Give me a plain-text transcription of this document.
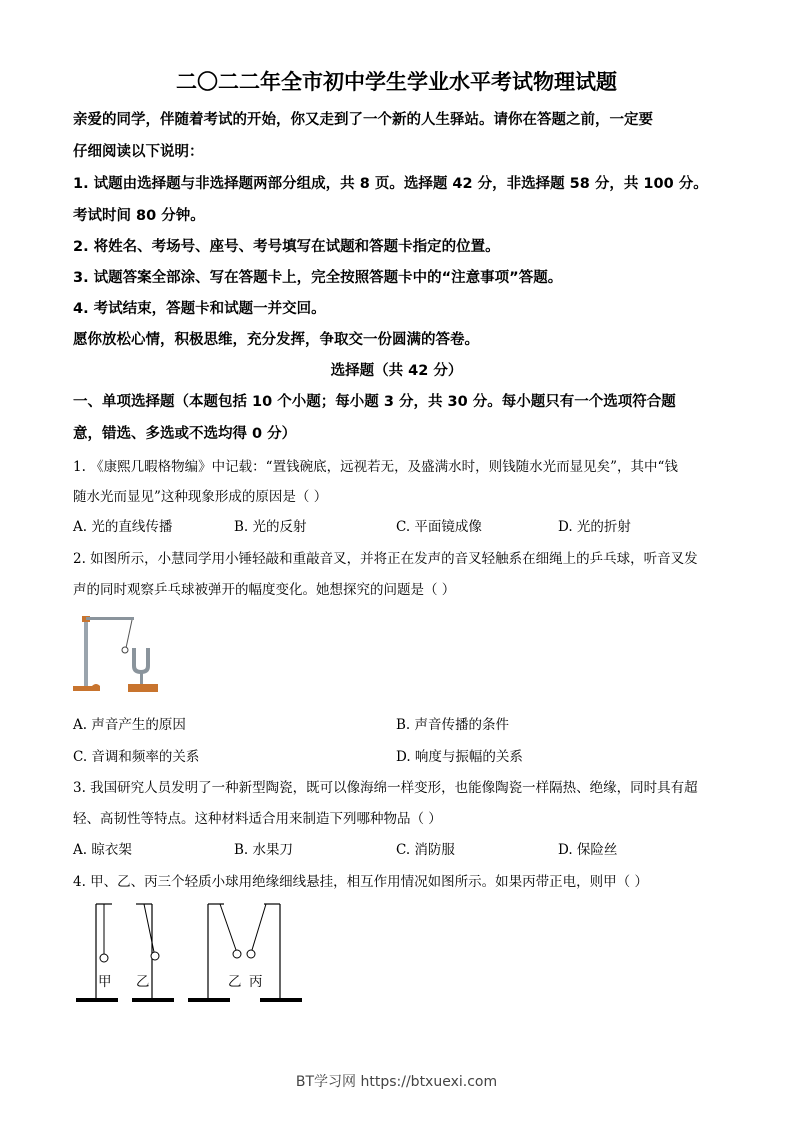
二〇二二年全市初中学生学业水平考试物理试题
亲爱的同学，伴随着考试的开始，你又走到了一个新的人生驿站。请你在答题之前，一定要
仔细阅读以下说明：
1. 试题由选择题与非选择题两部分组成，共 8 页。选择题 42 分，非选择题 58 分，共 100 分。
考试时间 80 分钟。
2. 将姓名、考场号、座号、考号填写在试题和答题卡指定的位置。
3. 试题答案全部涂、写在答题卡上，完全按照答题卡中的“注意事项”答题。
4. 考试结束，答题卡和试题一并交回。
愿你放松心情，积极思维，充分发挥，争取交一份圆满的答卷。
选择题（共 42 分）
一、单项选择题（本题包括 10 个小题；每小题 3 分，共 30 分。每小题只有一个选项符合题
意，错选、多选或不选均得 0 分）
1. 《康熙几暇格物编》中记载：“置钱碗底，远视若无，及盛满水时，则钱随水光而显见矣”，其中“钱
随水光而显见”这种现象形成的原因是（ ）
A. 光的直线传播	B. 光的反射	C. 平面镜成像	D. 光的折射
2. 如图所示，小慧同学用小锤轻敲和重敲音叉，并将正在发声的音叉轻触系在细绳上的乒乓球，听音叉发
声的同时观察乒乓球被弹开的幅度变化。她想探究的问题是（ ）
A. 声音产生的原因	B. 声音传播的条件
C. 音调和频率的关系	D. 响度与振幅的关系
3. 我国研究人员发明了一种新型陶瓷，既可以像海绵一样变形，也能像陶瓷一样隔热、绝缘，同时具有超
轻、高韧性等特点。这种材料适合用来制造下列哪种物品（ ）
A. 晾衣架	B. 水果刀	C. 消防服	D. 保险丝
4. 甲、乙、丙三个轻质小球用绝缘细线悬挂，相互作用情况如图所示。如果丙带正电，则甲（ ）
甲 乙	乙 丙
BT学习网 https://btxuexi.com
